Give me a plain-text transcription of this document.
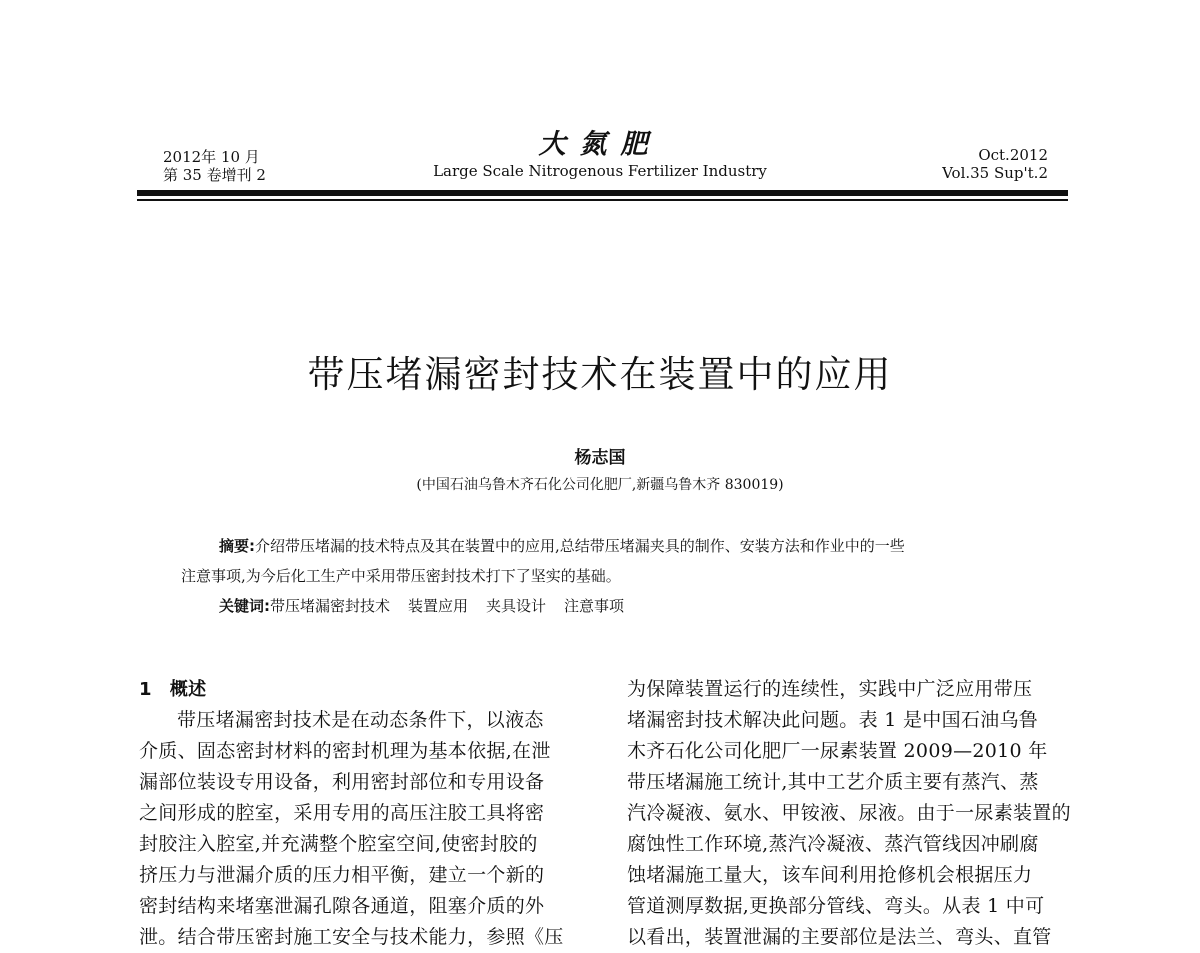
2012年 10 月
第 35 卷增刊 2
大氮肥
Large Scale Nitrogenous Fertilizer Industry
Oct.2012
Vol.35 Sup't.2
带压堵漏密封技术在装置中的应用
杨志国
(中国石油乌鲁木齐石化公司化肥厂,新疆乌鲁木齐 830019)
摘要:介绍带压堵漏的技术特点及其在装置中的应用,总结带压堵漏夹具的制作、安装方法和作业中的一些
注意事项,为今后化工生产中采用带压密封技术打下了坚实的基础。
关键词:带压堵漏密封技术 装置应用 夹具设计 注意事项
1 概述
带压堵漏密封技术是在动态条件下，以液态
介质、固态密封材料的密封机理为基本依据,在泄
漏部位装设专用设备，利用密封部位和专用设备
之间形成的腔室，采用专用的高压注胶工具将密
封胶注入腔室,并充满整个腔室空间,使密封胶的
挤压力与泄漏介质的压力相平衡，建立一个新的
密封结构来堵塞泄漏孔隙各通道，阻塞介质的外
泄。结合带压密封施工安全与技术能力，参照《压
为保障装置运行的连续性，实践中广泛应用带压
堵漏密封技术解决此问题。表 1 是中国石油乌鲁
木齐石化公司化肥厂一尿素装置 2009—2010 年
带压堵漏施工统计,其中工艺介质主要有蒸汽、蒸
汽冷凝液、氨水、甲铵液、尿液。由于一尿素装置的
腐蚀性工作环境,蒸汽冷凝液、蒸汽管线因冲刷腐
蚀堵漏施工量大，该车间利用抢修机会根据压力
管道测厚数据,更换部分管线、弯头。从表 1 中可
以看出，装置泄漏的主要部位是法兰、弯头、直管
